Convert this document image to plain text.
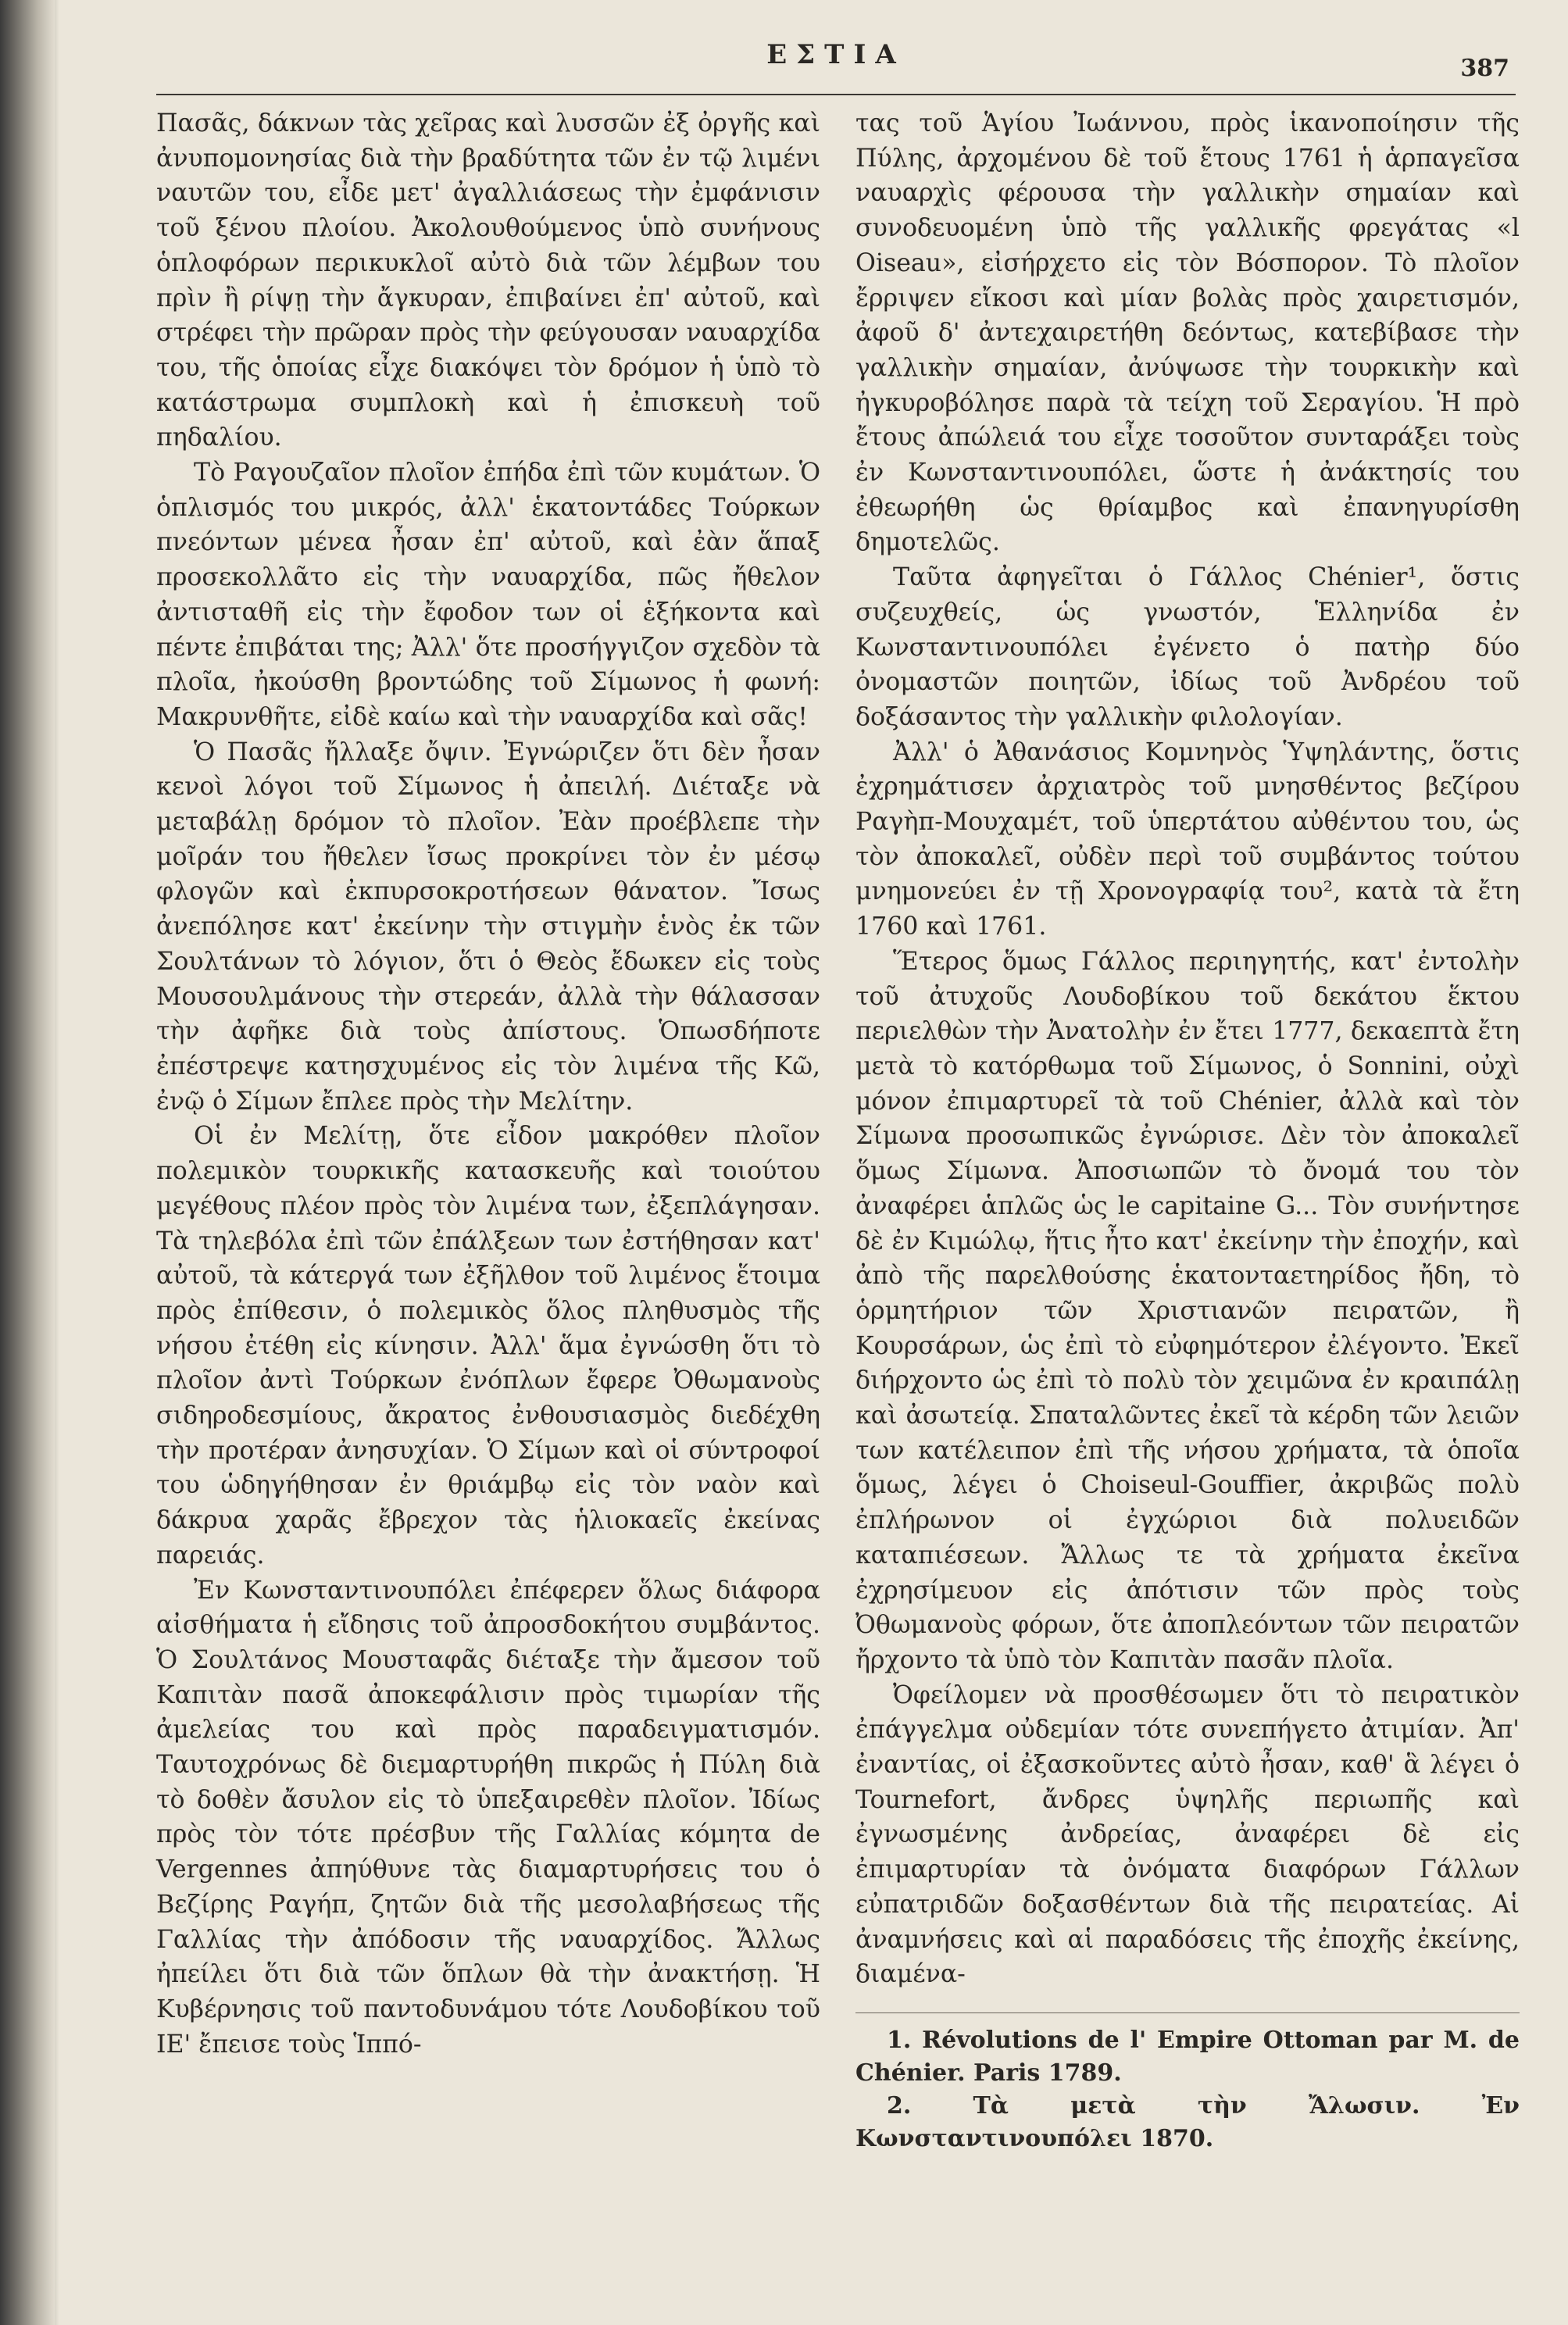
ΕΣΤΙΑ	387

Πασᾶς, δάκνων τὰς χεῖρας καὶ λυσσῶν ἐξ ὀργῆς καὶ ἀνυπομονησίας διὰ τὴν βραδύτητα τῶν ἐν τῷ λιμένι ναυτῶν του, εἶδε μετ' ἀγαλλιάσεως τὴν ἐμφάνισιν τοῦ ξένου πλοίου. Ἀκολουθούμενος ὑπὸ συνήνους ὁπλοφόρων περικυκλοῖ αὐτὸ διὰ τῶν λέμβων του πρὶν ἢ ρίψῃ τὴν ἄγκυραν, ἐπιβαίνει ἐπ' αὐτοῦ, καὶ στρέφει τὴν πρῶραν πρὸς τὴν φεύγουσαν ναυαρχίδα του, τῆς ὁποίας εἶχε διακόψει τὸν δρόμον ἡ ὑπὸ τὸ κατάστρωμα συμπλοκὴ καὶ ἡ ἐπισκευὴ τοῦ πηδαλίου.

Τὸ Ραγουζαῖον πλοῖον ἐπήδα ἐπὶ τῶν κυμάτων. Ὁ ὁπλισμός του μικρός, ἀλλ' ἑκατοντάδες Τούρκων πνεόντων μένεα ἦσαν ἐπ' αὐτοῦ, καὶ ἐὰν ἅπαξ προσεκολλᾶτο εἰς τὴν ναυαρχίδα, πῶς ἤθελον ἀντισταθῆ εἰς τὴν ἔφοδον των οἱ ἑξήκοντα καὶ πέντε ἐπιβάται της; Ἀλλ' ὅτε προσήγγιζον σχεδὸν τὰ πλοῖα, ἠκούσθη βροντώδης τοῦ Σίμωνος ἡ φωνή: Μακρυνθῆτε, εἰδὲ καίω καὶ τὴν ναυαρχίδα καὶ σᾶς!

Ὁ Πασᾶς ἤλλαξε ὄψιν. Ἐγνώριζεν ὅτι δὲν ἦσαν κενοὶ λόγοι τοῦ Σίμωνος ἡ ἀπειλή. Διέταξε νὰ μεταβάλῃ δρόμον τὸ πλοῖον. Ἐὰν προέβλεπε τὴν μοῖράν του ἤθελεν ἴσως προκρίνει τὸν ἐν μέσῳ φλογῶν καὶ ἐκπυρσοκροτήσεων θάνατον. Ἴσως ἀνεπόλησε κατ' ἐκείνην τὴν στιγμὴν ἑνὸς ἐκ τῶν Σουλτάνων τὸ λόγιον, ὅτι ὁ Θεὸς ἔδωκεν εἰς τοὺς Μουσουλμάνους τὴν στερεάν, ἀλλὰ τὴν θάλασσαν τὴν ἀφῆκε διὰ τοὺς ἀπίστους. Ὁπωσδήποτε ἐπέστρεψε κατησχυμένος εἰς τὸν λιμένα τῆς Κῶ, ἐνῷ ὁ Σίμων ἔπλεε πρὸς τὴν Μελίτην.

Οἱ ἐν Μελίτῃ, ὅτε εἶδον μακρόθεν πλοῖον πολεμικὸν τουρκικῆς κατασκευῆς καὶ τοιούτου μεγέθους πλέον πρὸς τὸν λιμένα των, ἐξεπλάγησαν. Τὰ τηλεβόλα ἐπὶ τῶν ἐπάλξεων των ἐστήθησαν κατ' αὐτοῦ, τὰ κάτεργά των ἐξῆλθον τοῦ λιμένος ἕτοιμα πρὸς ἐπίθεσιν, ὁ πολεμικὸς ὅλος πληθυσμὸς τῆς νήσου ἐτέθη εἰς κίνησιν. Ἀλλ' ἅμα ἐγνώσθη ὅτι τὸ πλοῖον ἀντὶ Τούρκων ἐνόπλων ἔφερε Ὀθωμανοὺς σιδηροδεσμίους, ἄκρατος ἐνθουσιασμὸς διεδέχθη τὴν προτέραν ἀνησυχίαν. Ὁ Σίμων καὶ οἱ σύντροφοί του ὡδηγήθησαν ἐν θριάμβῳ εἰς τὸν ναὸν καὶ δάκρυα χαρᾶς ἔβρεχον τὰς ἡλιοκαεῖς ἐκείνας παρειάς.

Ἐν Κωνσταντινουπόλει ἐπέφερεν ὅλως διάφορα αἰσθήματα ἡ εἴδησις τοῦ ἀπροσδοκήτου συμβάντος. Ὁ Σουλτάνος Μουσταφᾶς διέταξε τὴν ἄμεσον τοῦ Καπιτὰν πασᾶ ἀποκεφάλισιν πρὸς τιμωρίαν τῆς ἀμελείας του καὶ πρὸς παραδειγματισμόν. Ταυτοχρόνως δὲ διεμαρτυρήθη πικρῶς ἡ Πύλη διὰ τὸ δοθὲν ἄσυλον εἰς τὸ ὑπεξαιρεθὲν πλοῖον. Ἰδίως πρὸς τὸν τότε πρέσβυν τῆς Γαλλίας κόμητα de Vergennes ἀπηύθυνε τὰς διαμαρτυρήσεις του ὁ Βεζίρης Ραγήπ, ζητῶν διὰ τῆς μεσολαβήσεως τῆς Γαλλίας τὴν ἀπόδοσιν τῆς ναυαρχίδος. Ἄλλως ἠπείλει ὅτι διὰ τῶν ὅπλων θὰ τὴν ἀνακτήσῃ. Ἡ Κυβέρνησις τοῦ παντοδυνάμου τότε Λουδοβίκου τοῦ ΙΕ' ἔπεισε τοὺς Ἱππό-

τας τοῦ Ἁγίου Ἰωάννου, πρὸς ἱκανοποίησιν τῆς Πύλης, ἀρχομένου δὲ τοῦ ἔτους 1761 ἡ ἁρπαγεῖσα ναυαρχὶς φέρουσα τὴν γαλλικὴν σημαίαν καὶ συνοδευομένη ὑπὸ τῆς γαλλικῆς φρεγάτας «l Oiseau», εἰσήρχετο εἰς τὸν Βόσπορον. Τὸ πλοῖον ἔρριψεν εἴκοσι καὶ μίαν βολὰς πρὸς χαιρετισμόν, ἀφοῦ δ' ἀντεχαιρετήθη δεόντως, κατεβίβασε τὴν γαλλικὴν σημαίαν, ἀνύψωσε τὴν τουρκικὴν καὶ ἠγκυροβόλησε παρὰ τὰ τείχη τοῦ Σεραγίου. Ἡ πρὸ ἔτους ἀπώλειά του εἶχε τοσοῦτον συνταράξει τοὺς ἐν Κωνσταντινουπόλει, ὥστε ἡ ἀνάκτησίς του ἐθεωρήθη ὡς θρίαμβος καὶ ἐπανηγυρίσθη δημοτελῶς.

Ταῦτα ἀφηγεῖται ὁ Γάλλος Chénier¹, ὅστις συζευχθείς, ὡς γνωστόν, Ἑλληνίδα ἐν Κωνσταντινουπόλει ἐγένετο ὁ πατὴρ δύο ὀνομαστῶν ποιητῶν, ἰδίως τοῦ Ἀνδρέου τοῦ δοξάσαντος τὴν γαλλικὴν φιλολογίαν.

Ἀλλ' ὁ Ἀθανάσιος Κομνηνὸς Ὑψηλάντης, ὅστις ἐχρημάτισεν ἀρχιατρὸς τοῦ μνησθέντος βεζίρου Ραγὴπ-Μουχαμέτ, τοῦ ὑπερτάτου αὐθέντου του, ὡς τὸν ἀποκαλεῖ, οὐδὲν περὶ τοῦ συμβάντος τούτου μνημονεύει ἐν τῇ Χρονογραφίᾳ του², κατὰ τὰ ἔτη 1760 καὶ 1761.

Ἕτερος ὅμως Γάλλος περιηγητής, κατ' ἐντολὴν τοῦ ἀτυχοῦς Λουδοβίκου τοῦ δεκάτου ἕκτου περιελθὼν τὴν Ἀνατολὴν ἐν ἔτει 1777, δεκαεπτὰ ἔτη μετὰ τὸ κατόρθωμα τοῦ Σίμωνος, ὁ Sonnini, οὐχὶ μόνον ἐπιμαρτυρεῖ τὰ τοῦ Chénier, ἀλλὰ καὶ τὸν Σίμωνα προσωπικῶς ἐγνώρισε. Δὲν τὸν ἀποκαλεῖ ὅμως Σίμωνα. Ἀποσιωπῶν τὸ ὄνομά του τὸν ἀναφέρει ἁπλῶς ὡς le capitaine G... Τὸν συνήντησε δὲ ἐν Κιμώλῳ, ἥτις ἦτο κατ' ἐκείνην τὴν ἐποχήν, καὶ ἀπὸ τῆς παρελθούσης ἑκατονταετηρίδος ἤδη, τὸ ὁρμητήριον τῶν Χριστιανῶν πειρατῶν, ἢ Κουρσάρων, ὡς ἐπὶ τὸ εὐφημότερον ἐλέγοντο. Ἐκεῖ διήρχοντο ὡς ἐπὶ τὸ πολὺ τὸν χειμῶνα ἐν κραιπάλῃ καὶ ἀσωτείᾳ. Σπαταλῶντες ἐκεῖ τὰ κέρδη τῶν λειῶν των κατέλειπον ἐπὶ τῆς νήσου χρήματα, τὰ ὁποῖα ὅμως, λέγει ὁ Choiseul-Gouffier, ἀκριβῶς πολὺ ἐπλήρωνον οἱ ἐγχώριοι διὰ πολυειδῶν καταπιέσεων. Ἄλλως τε τὰ χρήματα ἐκεῖνα ἐχρησίμευον εἰς ἀπότισιν τῶν πρὸς τοὺς Ὀθωμανοὺς φόρων, ὅτε ἀποπλεόντων τῶν πειρατῶν ἤρχοντο τὰ ὑπὸ τὸν Καπιτὰν πασᾶν πλοῖα.

Ὀφείλομεν νὰ προσθέσωμεν ὅτι τὸ πειρατικὸν ἐπάγγελμα οὐδεμίαν τότε συνεπήγετο ἀτιμίαν. Ἀπ' ἐναντίας, οἱ ἐξασκοῦντες αὐτὸ ἦσαν, καθ' ἃ λέγει ὁ Tournefort, ἄνδρες ὑψηλῆς περιωπῆς καὶ ἐγνωσμένης ἀνδρείας, ἀναφέρει δὲ εἰς ἐπιμαρτυρίαν τὰ ὀνόματα διαφόρων Γάλλων εὐπατριδῶν δοξασθέντων διὰ τῆς πειρατείας. Αἱ ἀναμνήσεις καὶ αἱ παραδόσεις τῆς ἐποχῆς ἐκείνης, διαμένα-

1. Révolutions de l' Empire Ottoman par M. de Chénier. Paris 1789.
2. Τὰ μετὰ τὴν Ἄλωσιν. Ἐν Κωνσταντινουπόλει 1870.
